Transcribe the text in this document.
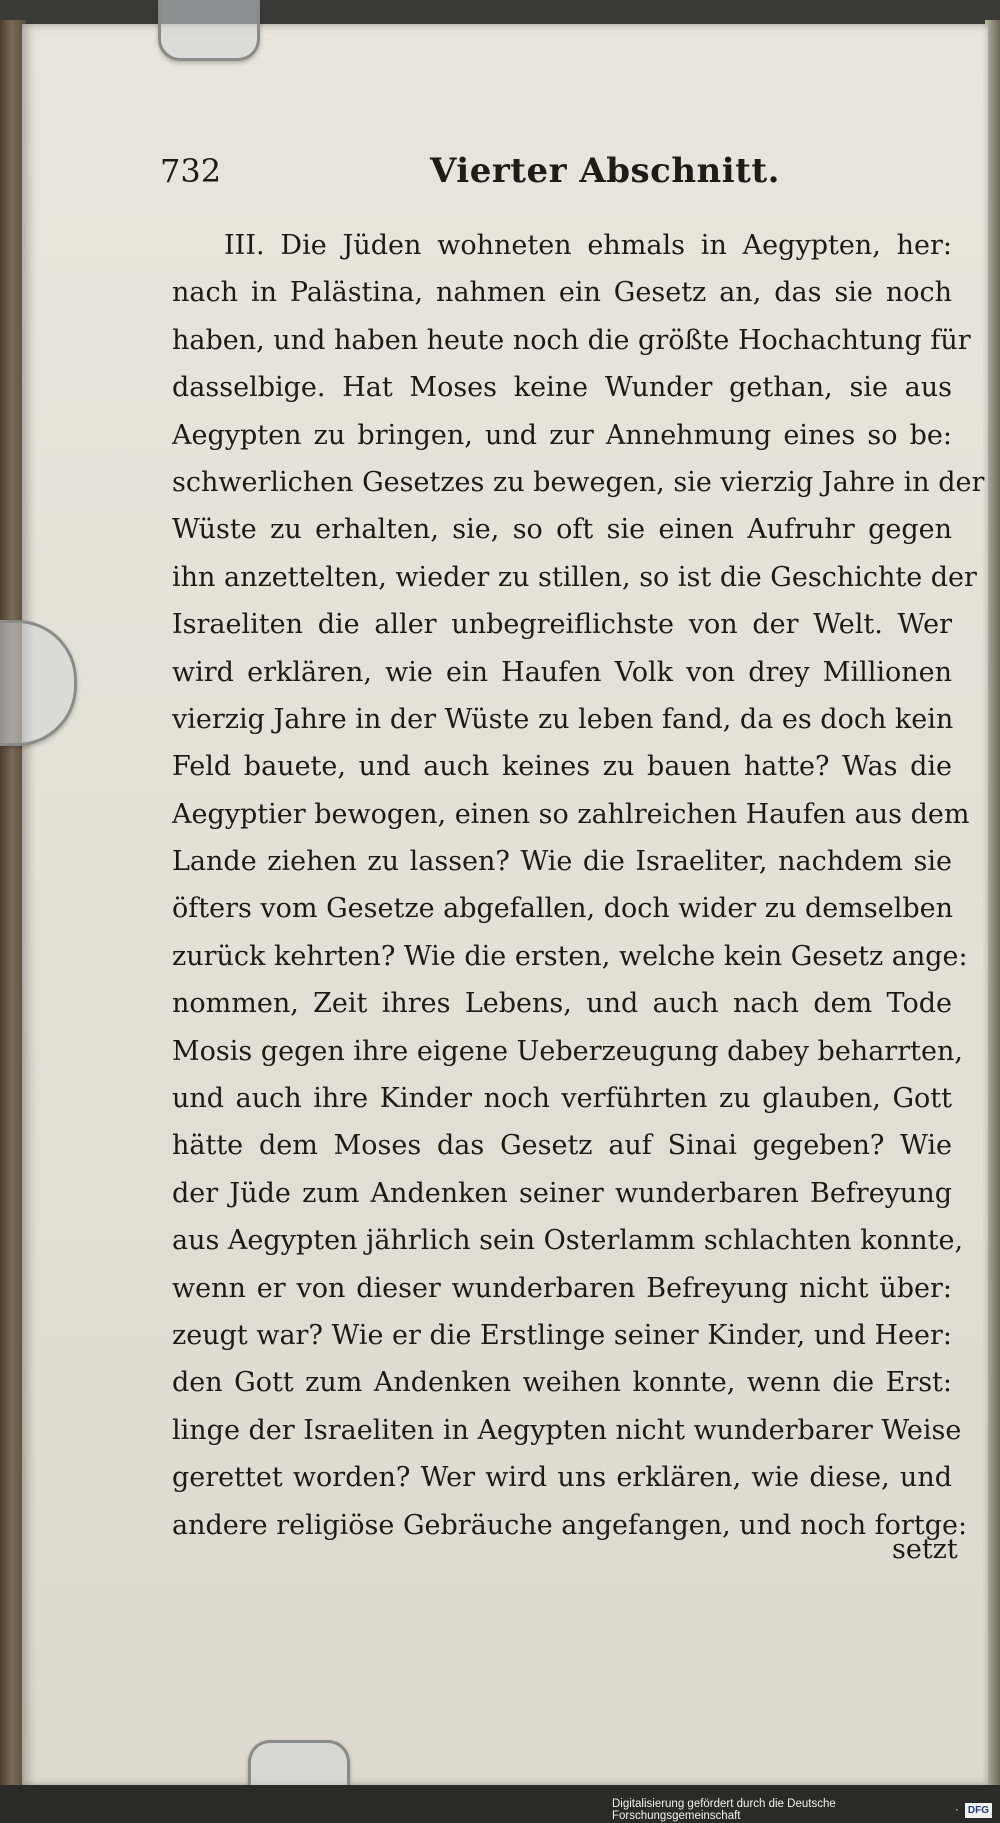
732	Vierter Abschnitt.
III. Die Jüden wohneten ehmals in Aegypten, her:
nach in Palästina, nahmen ein Gesetz an, das sie noch
haben, und haben heute noch die größte Hochachtung für
dasselbige. Hat Moses keine Wunder gethan, sie aus
Aegypten zu bringen, und zur Annehmung eines so be:
schwerlichen Gesetzes zu bewegen, sie vierzig Jahre in der
Wüste zu erhalten, sie, so oft sie einen Aufruhr gegen
ihn anzettelten, wieder zu stillen, so ist die Geschichte der
Israeliten die aller unbegreiflichste von der Welt. Wer
wird erklären, wie ein Haufen Volk von drey Millionen
vierzig Jahre in der Wüste zu leben fand, da es doch kein
Feld bauete, und auch keines zu bauen hatte? Was die
Aegyptier bewogen, einen so zahlreichen Haufen aus dem
Lande ziehen zu lassen? Wie die Israeliter, nachdem sie
öfters vom Gesetze abgefallen, doch wider zu demselben
zurück kehrten? Wie die ersten, welche kein Gesetz ange:
nommen, Zeit ihres Lebens, und auch nach dem Tode
Mosis gegen ihre eigene Ueberzeugung dabey beharrten,
und auch ihre Kinder noch verführten zu glauben, Gott
hätte dem Moses das Gesetz auf Sinai gegeben? Wie
der Jüde zum Andenken seiner wunderbaren Befreyung
aus Aegypten jährlich sein Osterlamm schlachten konnte,
wenn er von dieser wunderbaren Befreyung nicht über:
zeugt war? Wie er die Erstlinge seiner Kinder, und Heer:
den Gott zum Andenken weihen konnte, wenn die Erst:
linge der Israeliten in Aegypten nicht wunderbarer Weise
gerettet worden? Wer wird uns erklären, wie diese, und
andere religiöse Gebräuche angefangen, und noch fortge:
setzt
Digitalisierung gefördert durch die Deutsche Forschungsgemeinschaft	· DFG
